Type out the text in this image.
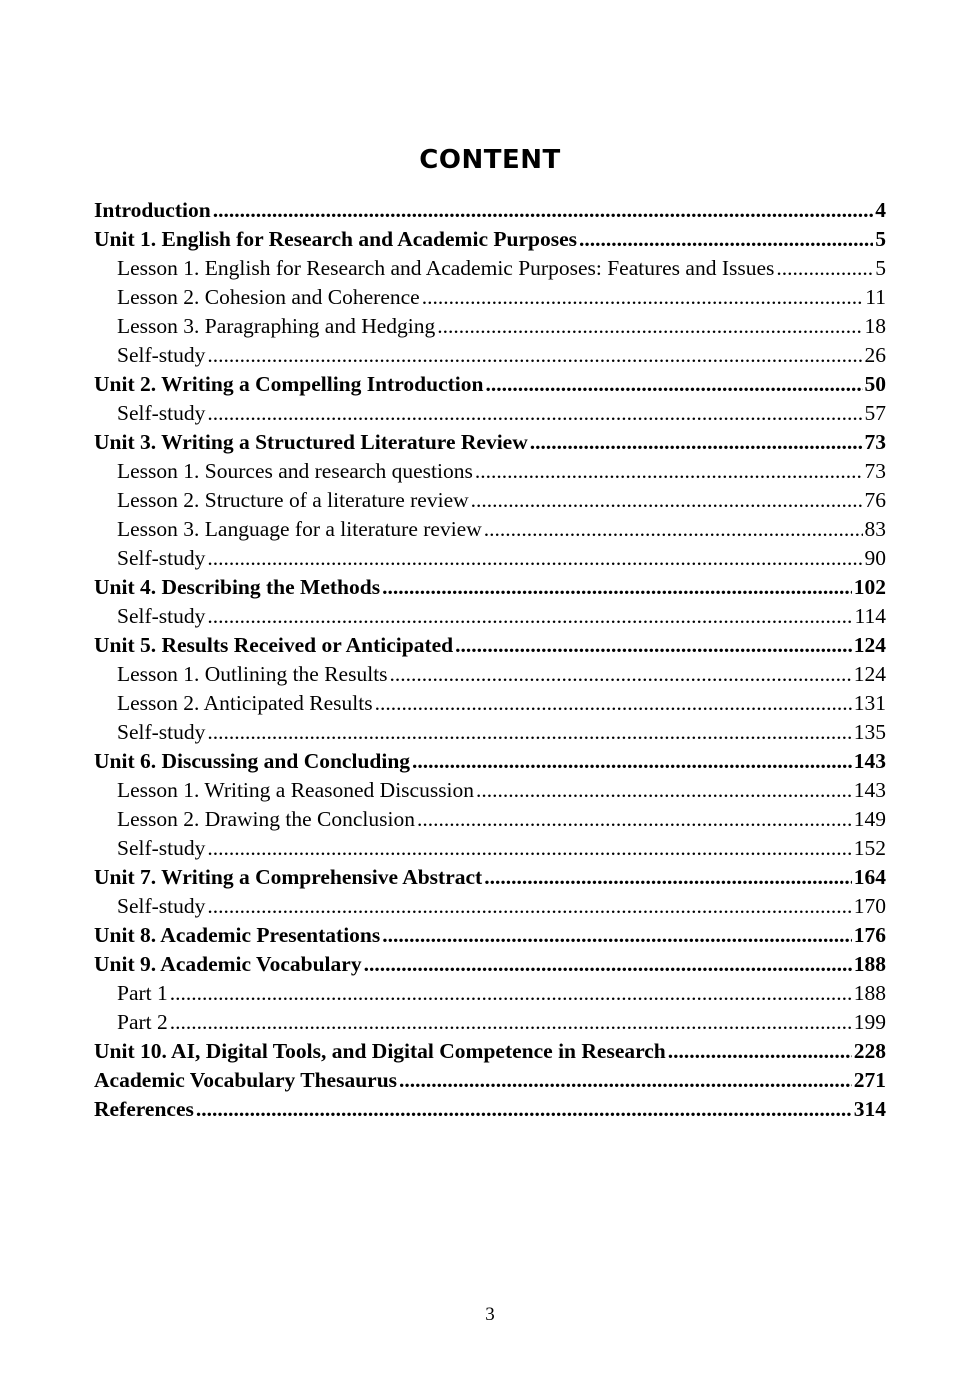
CONTENT
Introduction .....	4
Unit 1. English for Research and Academic Purposes .....	5
Lesson 1. English for Research and Academic Purposes: Features and Issues .....	5
Lesson 2. Cohesion and Coherence .....	11
Lesson 3. Paragraphing and Hedging .....	18
Self-study .....	26
Unit 2. Writing a Compelling Introduction .....	50
Self-study .....	57
Unit 3. Writing a Structured Literature Review .....	73
Lesson 1. Sources and research questions .....	73
Lesson 2. Structure of a literature review .....	76
Lesson 3. Language for a literature review .....	83
Self-study .....	90
Unit 4. Describing the Methods .....	102
Self-study .....	114
Unit 5. Results Received or Anticipated .....	124
Lesson 1. Outlining the Results .....	124
Lesson 2. Anticipated Results .....	131
Self-study .....	135
Unit 6. Discussing and Concluding .....	143
Lesson 1. Writing a Reasoned Discussion .....	143
Lesson 2. Drawing the Conclusion .....	149
Self-study .....	152
Unit 7. Writing a Comprehensive Abstract .....	164
Self-study .....	170
Unit 8. Academic Presentations .....	176
Unit 9. Academic Vocabulary .....	188
Part 1 .....	188
Part 2 .....	199
Unit 10. AI, Digital Tools, and Digital Competence in Research .....	228
Academic Vocabulary Thesaurus .....	271
References .....	314
3
